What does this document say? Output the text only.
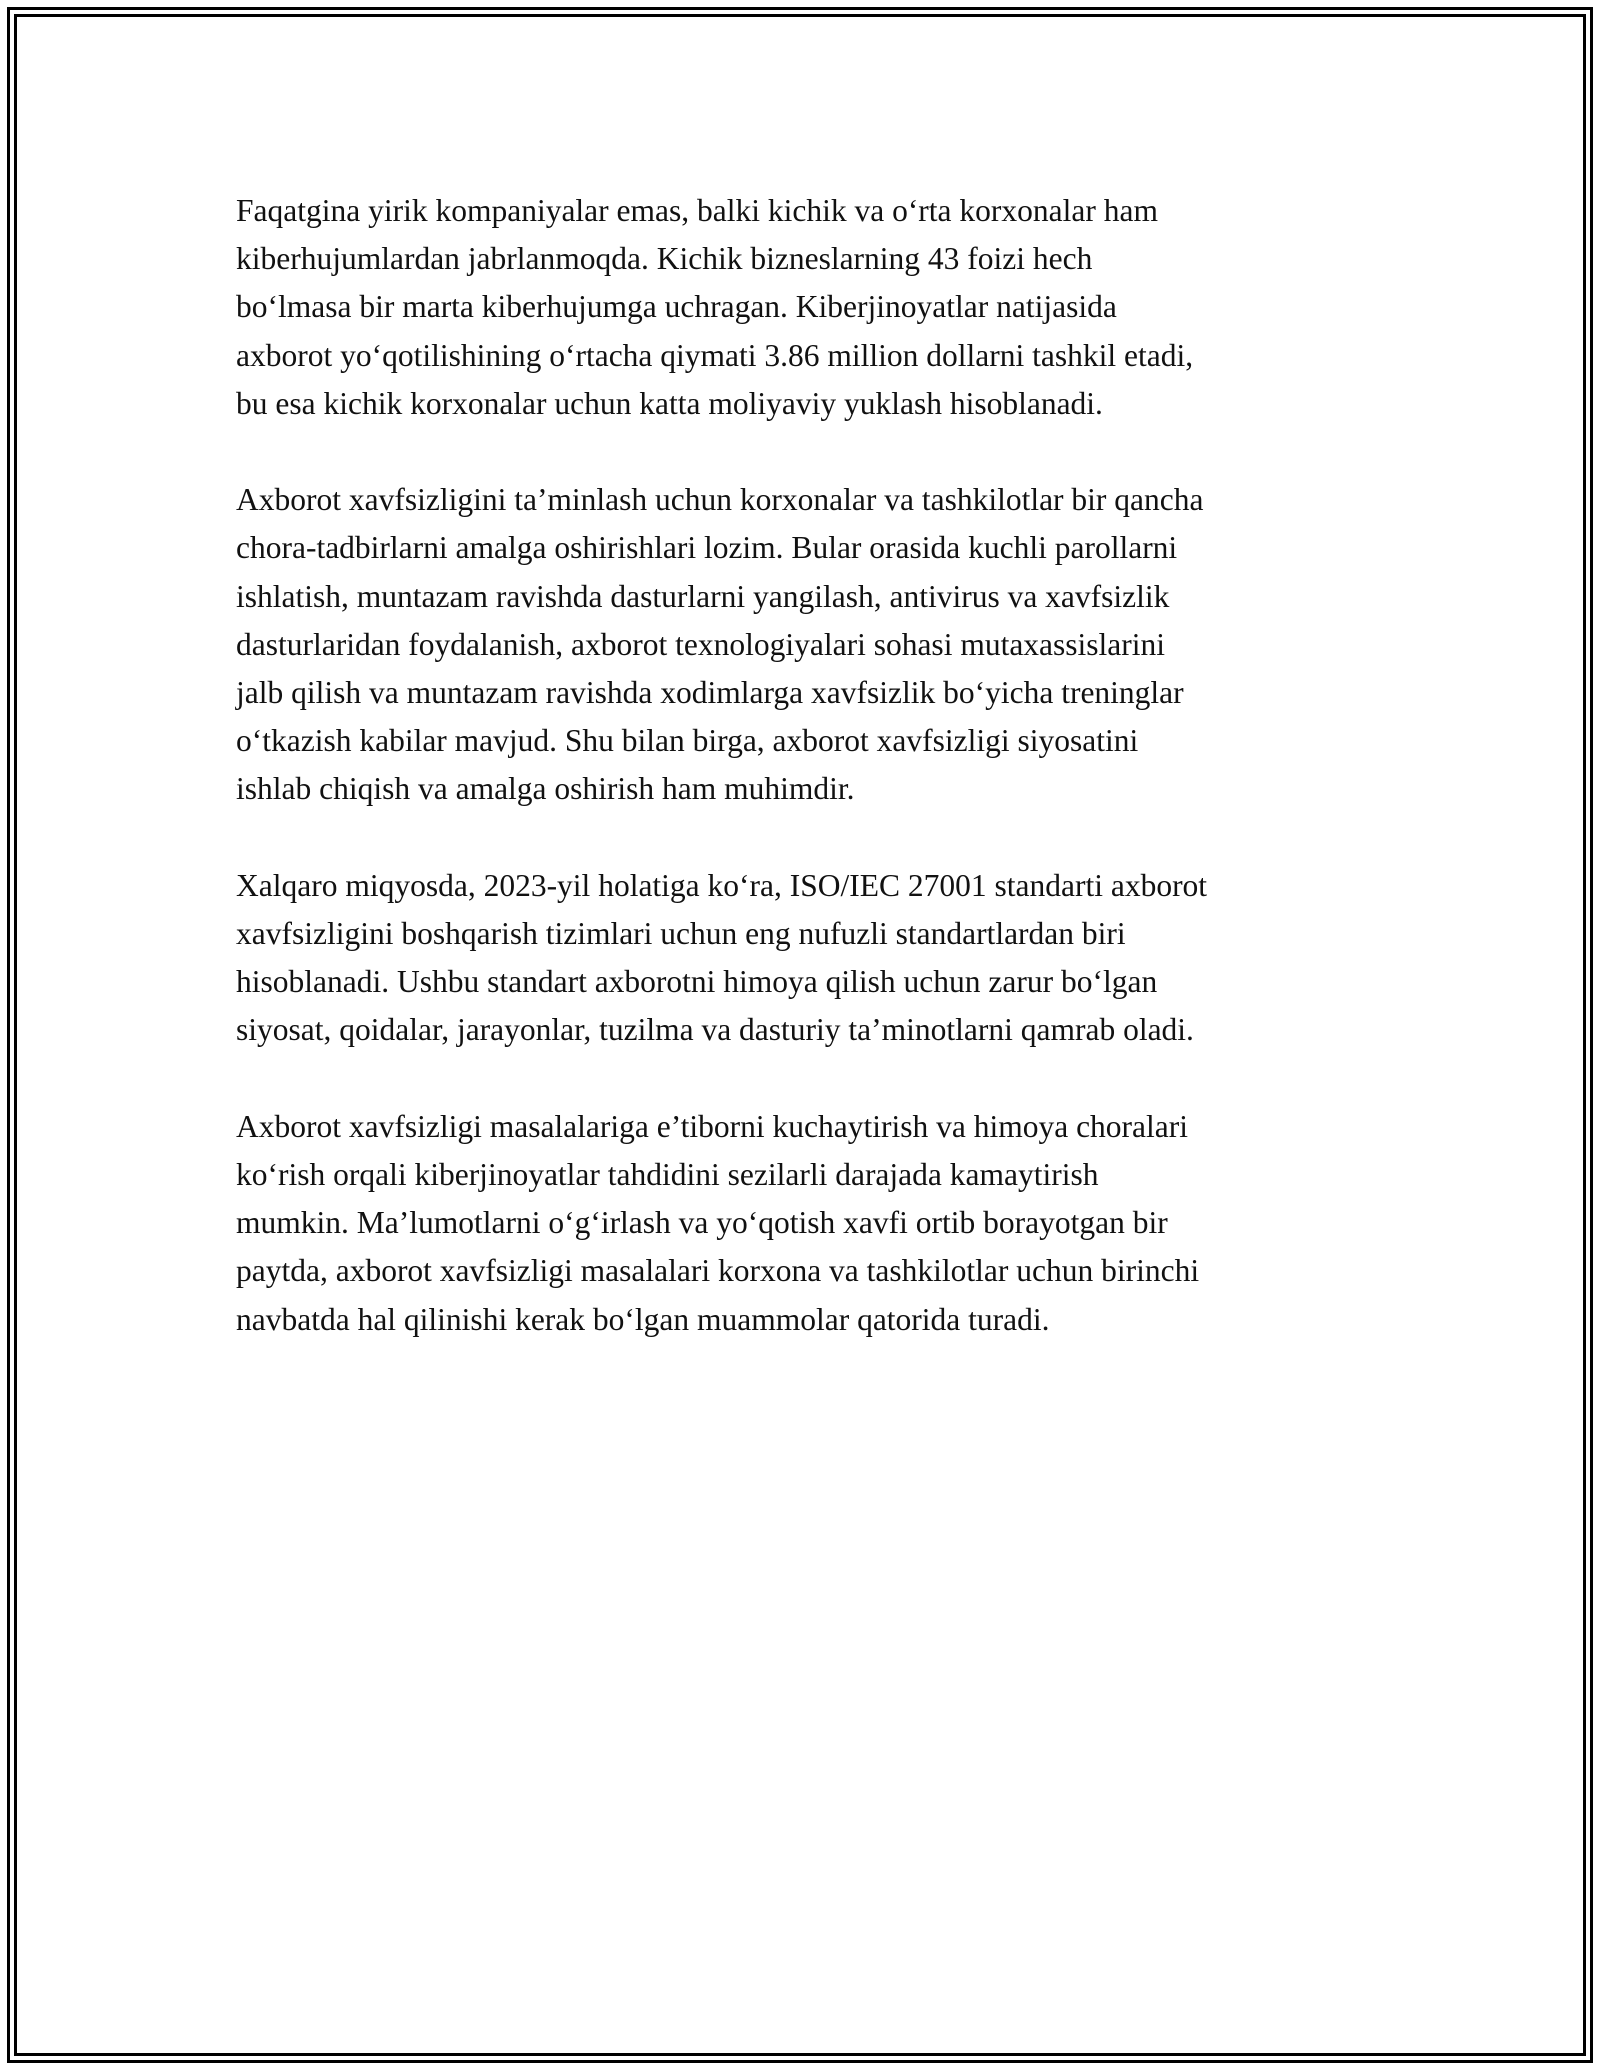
Faqatgina yirik kompaniyalar emas, balki kichik va o‘rta korxonalar ham
kiberhujumlardan jabrlanmoqda. Kichik bizneslarning 43 foizi hech
bo‘lmasa bir marta kiberhujumga uchragan. Kiberjinoyatlar natijasida
axborot yo‘qotilishining o‘rtacha qiymati 3.86 million dollarni tashkil etadi,
bu esa kichik korxonalar uchun katta moliyaviy yuklash hisoblanadi.

Axborot xavfsizligini ta’minlash uchun korxonalar va tashkilotlar bir qancha
chora-tadbirlarni amalga oshirishlari lozim. Bular orasida kuchli parollarni
ishlatish, muntazam ravishda dasturlarni yangilash, antivirus va xavfsizlik
dasturlaridan foydalanish, axborot texnologiyalari sohasi mutaxassislarini
jalb qilish va muntazam ravishda xodimlarga xavfsizlik bo‘yicha treninglar
o‘tkazish kabilar mavjud. Shu bilan birga, axborot xavfsizligi siyosatini
ishlab chiqish va amalga oshirish ham muhimdir.

Xalqaro miqyosda, 2023-yil holatiga ko‘ra, ISO/IEC 27001 standarti axborot
xavfsizligini boshqarish tizimlari uchun eng nufuzli standartlardan biri
hisoblanadi. Ushbu standart axborotni himoya qilish uchun zarur bo‘lgan
siyosat, qoidalar, jarayonlar, tuzilma va dasturiy ta’minotlarni qamrab oladi.

Axborot xavfsizligi masalalariga e’tiborni kuchaytirish va himoya choralari
ko‘rish orqali kiberjinoyatlar tahdidini sezilarli darajada kamaytirish
mumkin. Ma’lumotlarni o‘g‘irlash va yo‘qotish xavfi ortib borayotgan bir
paytda, axborot xavfsizligi masalalari korxona va tashkilotlar uchun birinchi
navbatda hal qilinishi kerak bo‘lgan muammolar qatorida turadi.
